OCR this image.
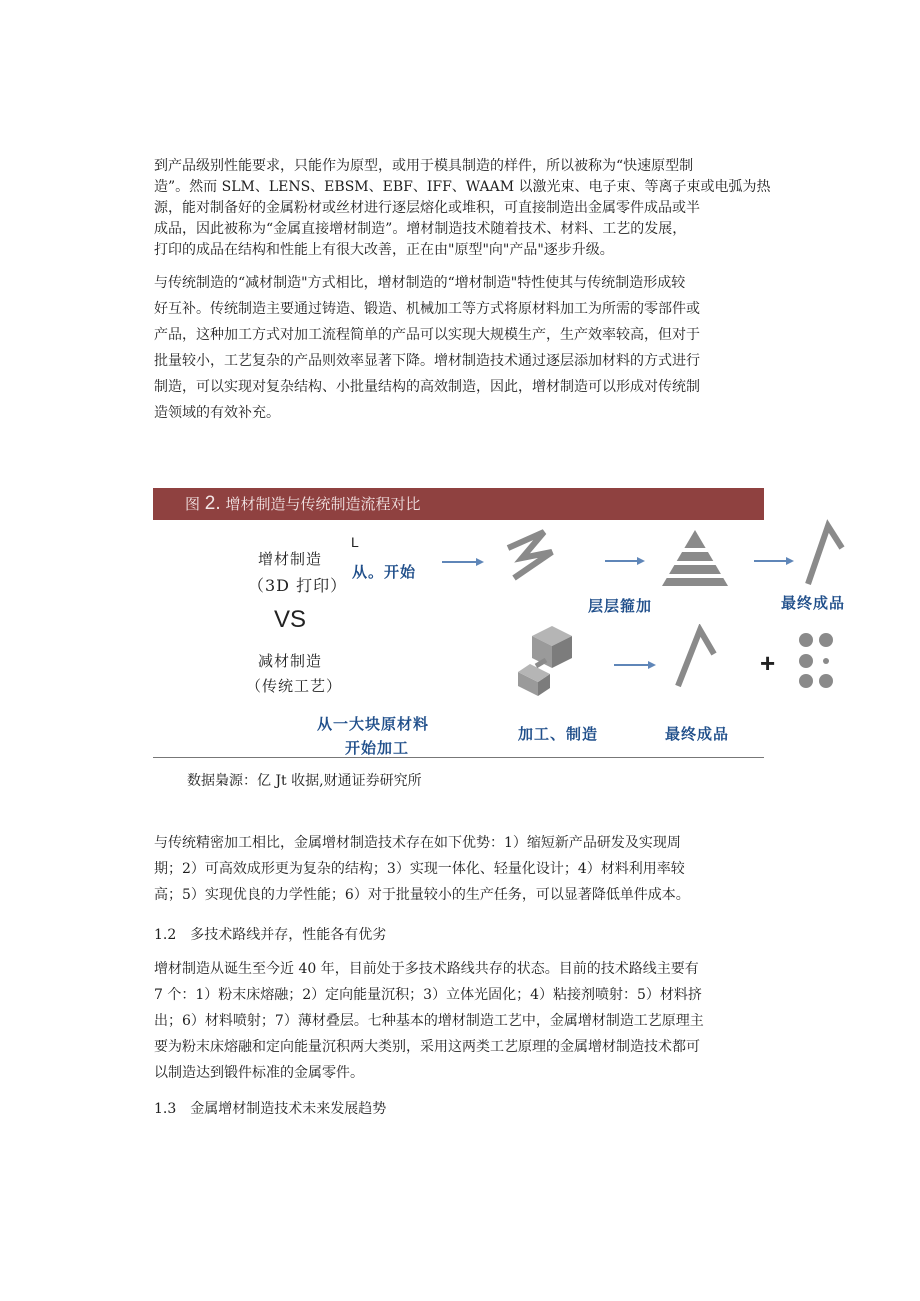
到产品级别性能要求，只能作为原型，或用于模具制造的样件，所以被称为“快速原型制
造”。然而 SLM、LENS、EBSM、EBF、IFF、WAAM 以激光束、电子束、等离子束或电弧为热
源，能对制备好的金属粉材或丝材进行逐层熔化或堆积，可直接制造出金属零件成品或半
成品，因此被称为“金属直接增材制造”。增材制造技术随着技术、材料、工艺的发展，
打印的成品在结构和性能上有很大改善，正在由"原型"向"产品"逐步升级。
与传统制造的“减材制造"方式相比，增材制造的“增材制造"特性使其与传统制造形成较
好互补。传统制造主要通过铸造、锻造、机械加工等方式将原材料加工为所需的零部件或
产品，这种加工方式对加工流程简单的产品可以实现大规模生产，生产效率较高，但对于
批量较小，工艺复杂的产品则效率显著下降。增材制造技术通过逐层添加材料的方式进行
制造，可以实现对复杂结构、小批量结构的高效制造，因此，增材制造可以形成对传统制
造领域的有效补充。
图 2. 增材制造与传统制造流程对比
增材制造
（3D 打印）
VS
减材制造
（传统工艺）
L
从。开始
层层箍加	最终成品
从一大块原材料
开始加工
加工、制造	最终成品
+
数据梟源：亿 Jt 收据,财通证券研究所
与传统精密加工相比，金属增材制造技术存在如下优势：1）缩短新产品研发及实现周
期；2）可高效成形更为复杂的结构；3）实现一体化、轻量化设计；4）材料利用率较
高；5）实现优良的力学性能；6）对于批量较小的生产任务，可以显著降低单件成本。
1.2　多技术路线并存，性能各有优劣
增材制造从诞生至今近 40 年，目前处于多技术路线共存的状态。目前的技术路线主要有
7 个：1）粉末床熔融；2）定向能量沉积；3）立体光固化；4）粘接剂喷射：5）材料挤
出；6）材料喷射；7）薄材叠层。七种基本的增材制造工艺中，金属增材制造工艺原理主
要为粉末床熔融和定向能量沉积两大类别，采用这两类工艺原理的金属增材制造技术都可
以制造达到锻件标准的金属零件。
1.3　金属增材制造技术未来发展趋势
